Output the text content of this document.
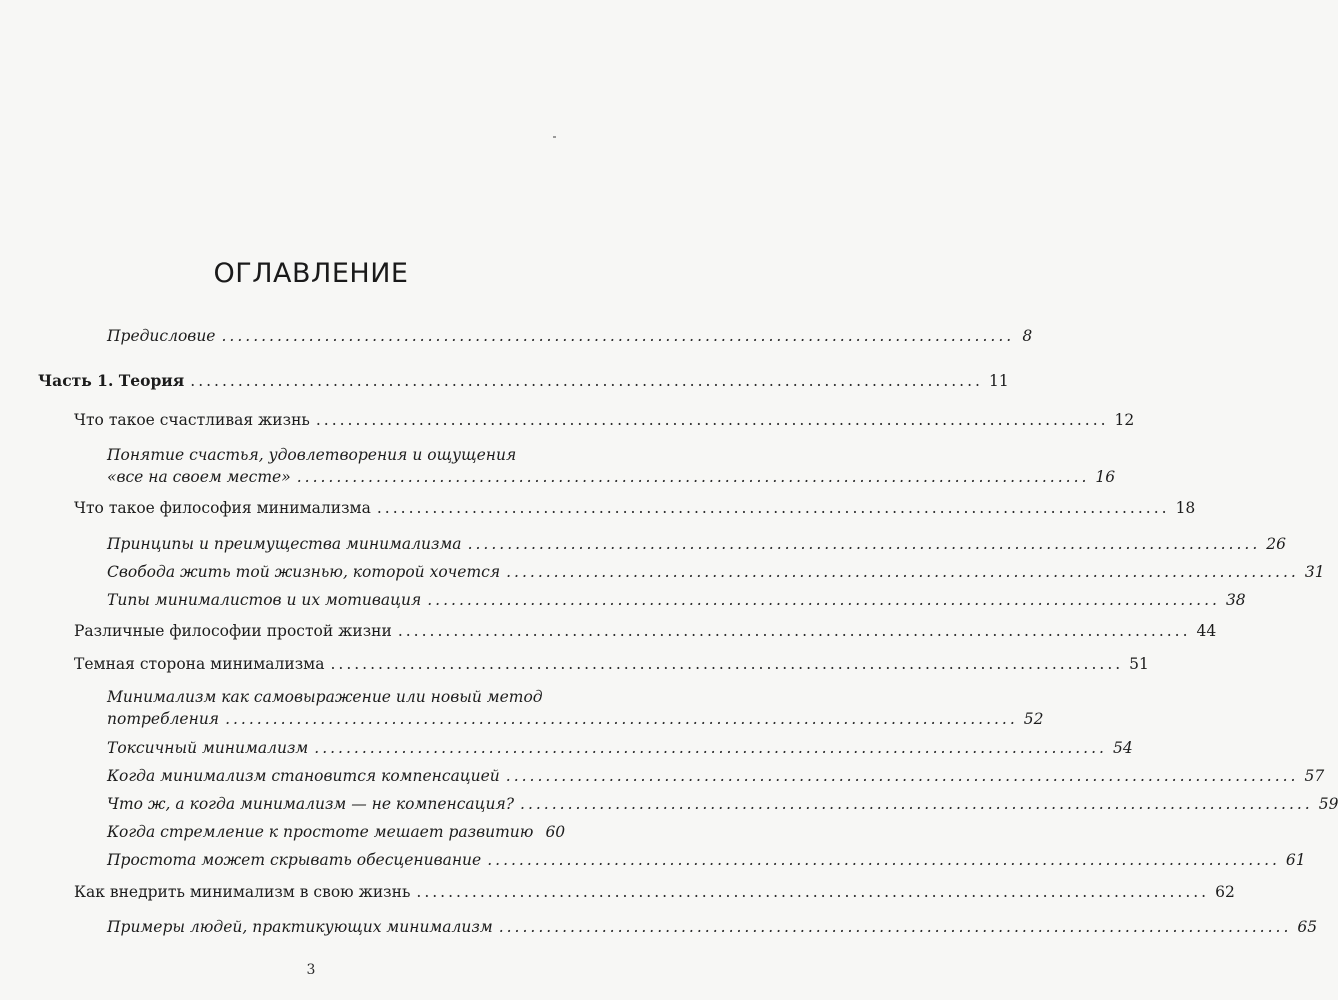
ОГЛАВЛЕНИЕ
Предисловие .................................................................................................... 8
Часть 1. Теория .................................................................................................... 11
Что такое счастливая жизнь .................................................................................................... 12
Понятие счастья, удовлетворения и ощущения
«все на своем месте» .................................................................................................... 16
Что такое философия минимализма .................................................................................................... 18
Принципы и преимущества минимализма .................................................................................................... 26
Свобода жить той жизнью, которой хочется .................................................................................................... 31
Типы минималистов и их мотивация .................................................................................................... 38
Различные философии простой жизни .................................................................................................... 44
Темная сторона минимализма .................................................................................................... 51
Минимализм как самовыражение или новый метод
потребления .................................................................................................... 52
Токсичный минимализм .................................................................................................... 54
Когда минимализм становится компенсацией .................................................................................................... 57
Что ж, а когда минимализм — не компенсация? .................................................................................................... 59
Когда стремление к простоте мешает развитию 60
Простота может скрывать обесценивание .................................................................................................... 61
Как внедрить минимализм в свою жизнь .................................................................................................... 62
Примеры людей, практикующих минимализм .................................................................................................... 65
3
